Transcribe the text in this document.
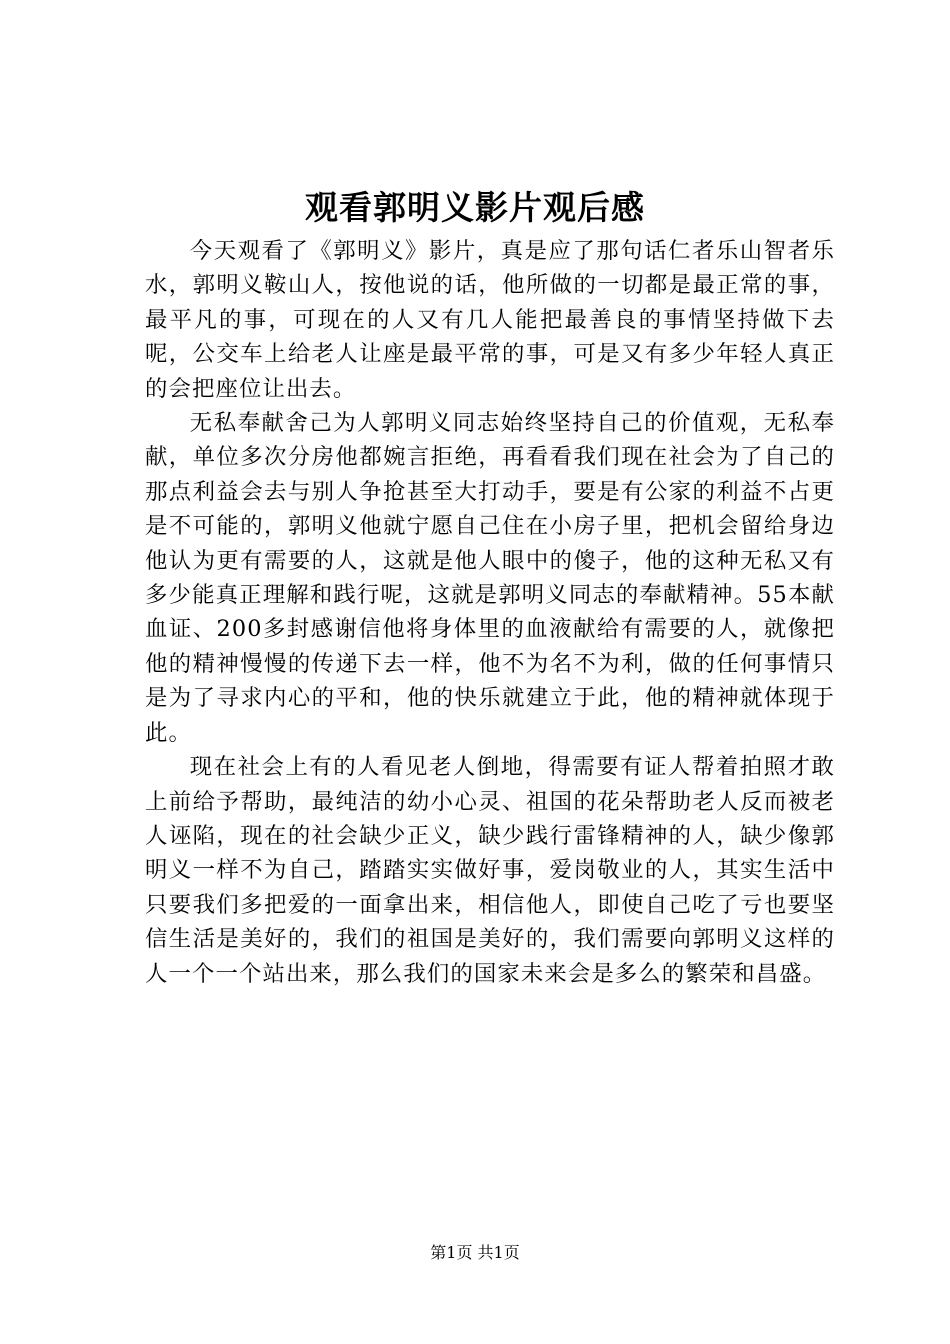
观看郭明义影片观后感

今天观看了《郭明义》影片，真是应了那句话仁者乐山智者乐水，郭明义鞍山人，按他说的话，他所做的一切都是最正常的事，最平凡的事，可现在的人又有几人能把最善良的事情坚持做下去呢，公交车上给老人让座是最平常的事，可是又有多少年轻人真正的会把座位让出去。

无私奉献舍己为人郭明义同志始终坚持自己的价值观，无私奉献，单位多次分房他都婉言拒绝，再看看我们现在社会为了自己的那点利益会去与别人争抢甚至大打动手，要是有公家的利益不占更是不可能的，郭明义他就宁愿自己住在小房子里，把机会留给身边他认为更有需要的人，这就是他人眼中的傻子，他的这种无私又有多少能真正理解和践行呢，这就是郭明义同志的奉献精神。55本献血证、200多封感谢信他将身体里的血液献给有需要的人，就像把他的精神慢慢的传递下去一样，他不为名不为利，做的任何事情只是为了寻求内心的平和，他的快乐就建立于此，他的精神就体现于此。

现在社会上有的人看见老人倒地，得需要有证人帮着拍照才敢上前给予帮助，最纯洁的幼小心灵、祖国的花朵帮助老人反而被老人诬陷，现在的社会缺少正义，缺少践行雷锋精神的人，缺少像郭明义一样不为自己，踏踏实实做好事，爱岗敬业的人，其实生活中只要我们多把爱的一面拿出来，相信他人，即使自己吃了亏也要坚信生活是美好的，我们的祖国是美好的，我们需要向郭明义这样的人一个一个站出来，那么我们的国家未来会是多么的繁荣和昌盛。

第1页 共1页
